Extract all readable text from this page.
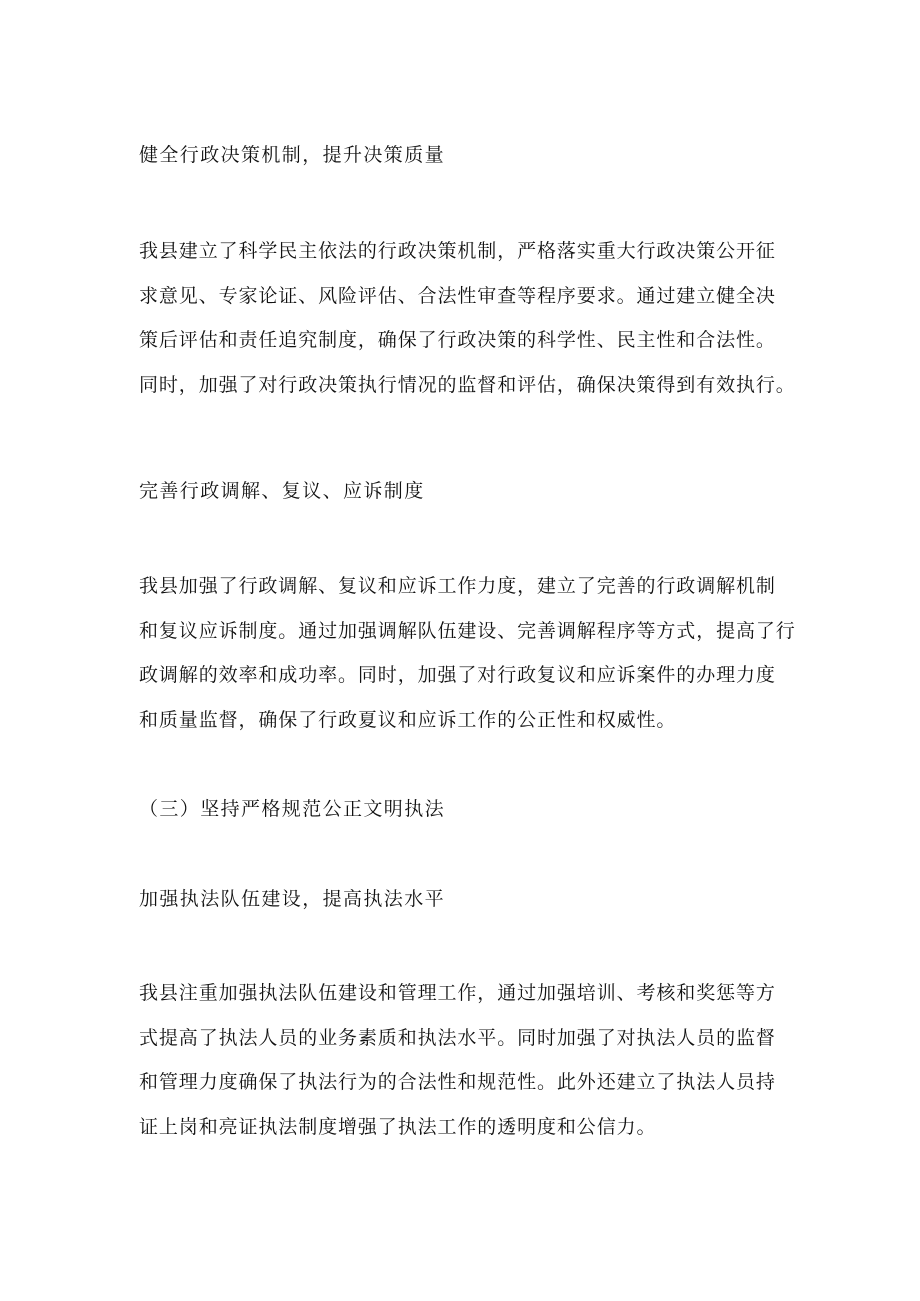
健全行政决策机制，提升决策质量
我县建立了科学民主依法的行政决策机制，严格落实重大行政决策公开征
求意见、专家论证、风险评估、合法性审查等程序要求。通过建立健全决
策后评估和责任追究制度，确保了行政决策的科学性、民主性和合法性。
同时，加强了对行政决策执行情况的监督和评估，确保决策得到有效执行。
完善行政调解、复议、应诉制度
我县加强了行政调解、复议和应诉工作力度，建立了完善的行政调解机制
和复议应诉制度。通过加强调解队伍建设、完善调解程序等方式，提高了行
政调解的效率和成功率。同时，加强了对行政复议和应诉案件的办理力度
和质量监督，确保了行政夏议和应诉工作的公正性和权威性。
（三）坚持严格规范公正文明执法
加强执法队伍建设，提高执法水平
我县注重加强执法队伍建设和管理工作，通过加强培训、考核和奖惩等方
式提高了执法人员的业务素质和执法水平。同时加强了对执法人员的监督
和管理力度确保了执法行为的合法性和规范性。此外还建立了执法人员持
证上岗和亮证执法制度增强了执法工作的透明度和公信力。
